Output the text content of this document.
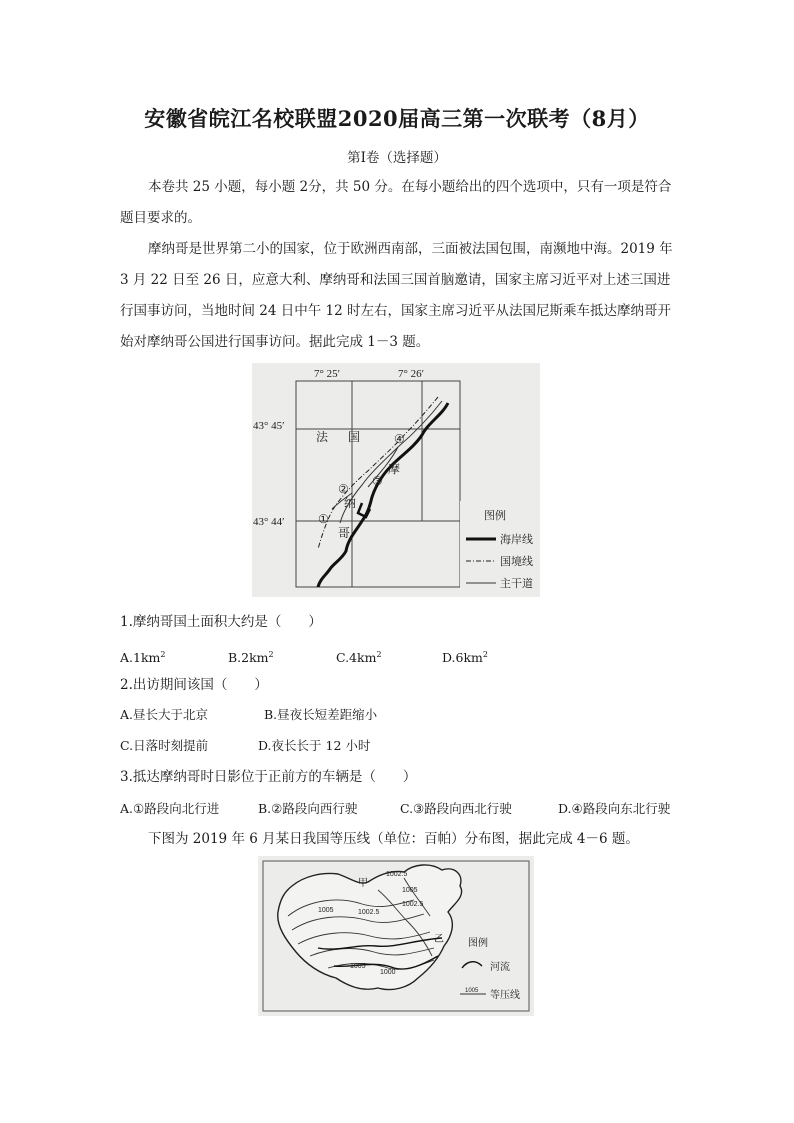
安徽省皖江名校联盟2020届高三第一次联考（8月）
第Ⅰ卷（选择题）
本卷共 25 小题，每小题 2分，共 50 分。在每小题给出的四个选项中，只有一项是符合题目要求的。
摩纳哥是世界第二小的国家，位于欧洲西南部，三面被法国包围，南濒地中海。2019 年 3 月 22 日至 26 日，应意大利、摩纳哥和法国三国首脑邀请，国家主席习近平对上述三国进行国事访问，当地时间 24 日中午 12 时左右，国家主席习近平从法国尼斯乘车抵达摩纳哥开始对摩纳哥公国进行国事访问。据此完成 1－3 题。
7° 25′	7° 26′
43° 45′
43° 44′
法 国
摩
纳
哥
①
②
③
④
图例
海岸线
国境线
主干道
1.摩纳哥国土面积大约是（　　）
$A.1km^2$	$B.2km^2$	$C.4km^2$	$D.6km^2$
2.出访期间该国（　　）
A.昼长大于北京	B.昼夜长短差距缩小
C.日落时刻提前	D.夜长长于 12 小时
3.抵达摩纳哥时日影位于正前方的车辆是（　　）
A.①路段向北行进	B.②路段向西行驶	C.③路段向西北行驶	D.④路段向东北行驶
下图为 2019 年 6 月某日我国等压线（单位：百帕）分布图，据此完成 4－6 题。
甲
乙
1002.5
1005
1002.5
1002.5
1005
1000
1005
图例
河流
1005 等压线
